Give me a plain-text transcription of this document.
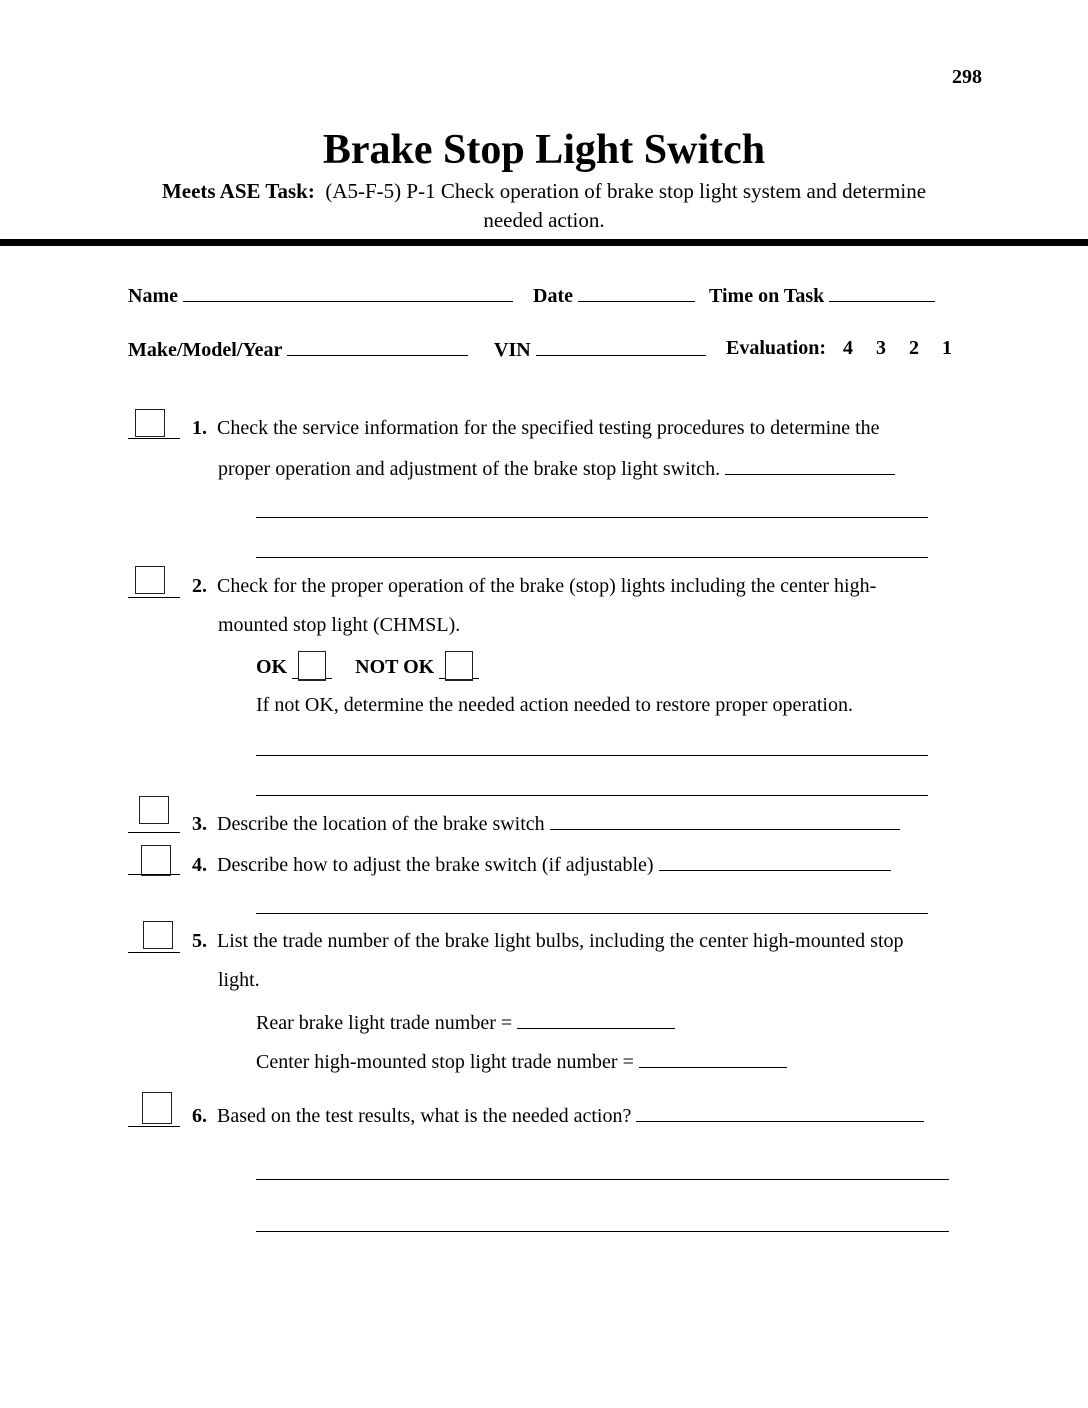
298
Brake Stop Light Switch
Meets ASE Task: (A5-F-5) P-1 Check operation of brake stop light system and determine
needed action.
Name	Date	Time on Task
Make/Model/Year	VIN	Evaluation: 4 3 2 1
1. Check the service information for the specified testing procedures to determine the
proper operation and adjustment of the brake stop light switch.
2. Check for the proper operation of the brake (stop) lights including the center high-
mounted stop light (CHMSL).
OK	NOT OK
If not OK, determine the needed action needed to restore proper operation.
3. Describe the location of the brake switch
4. Describe how to adjust the brake switch (if adjustable)
5. List the trade number of the brake light bulbs, including the center high-mounted stop
light.
Rear brake light trade number =
Center high-mounted stop light trade number =
6. Based on the test results, what is the needed action?
